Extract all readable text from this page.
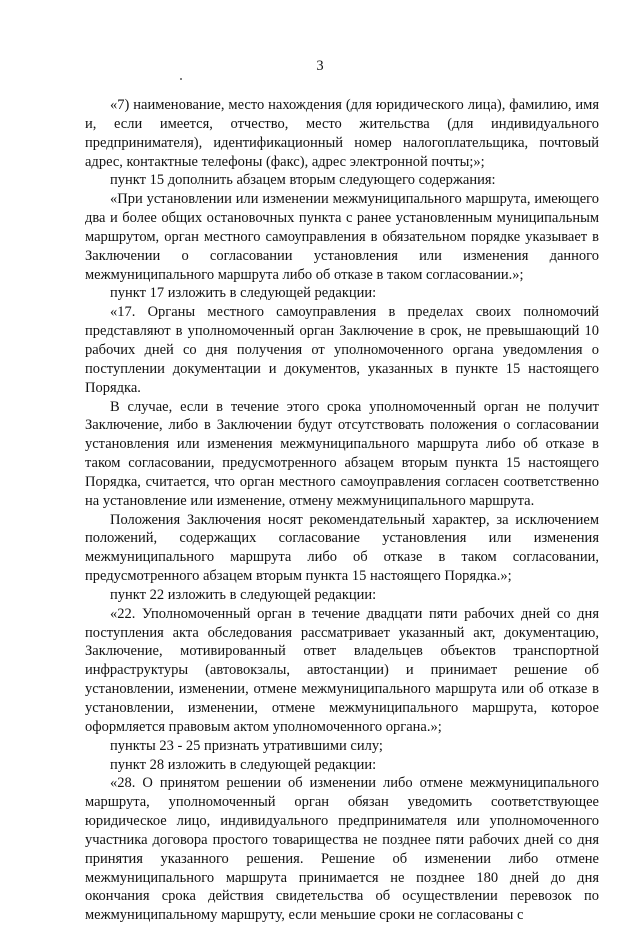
3

«7) наименование, место нахождения (для юридического лица), фамилию, имя и, если имеется, отчество, место жительства (для индивидуального предпринимателя), идентификационный номер налогоплательщика, почтовый адрес, контактные телефоны (факс), адрес электронной почты;»;

пункт 15 дополнить абзацем вторым следующего содержания:

«При установлении или изменении межмуниципального маршрута, имеющего два и более общих остановочных пункта с ранее установленным муниципальным маршрутом, орган местного самоуправления в обязательном порядке указывает в Заключении о согласовании установления или изменения данного межмуниципального маршрута либо об отказе в таком согласовании.»;

пункт 17 изложить в следующей редакции:

«17. Органы местного самоуправления в пределах своих полномочий представляют в уполномоченный орган Заключение в срок, не превышающий 10 рабочих дней со дня получения от уполномоченного органа уведомления о поступлении документации и документов, указанных в пункте 15 настоящего Порядка.

В случае, если в течение этого срока уполномоченный орган не получит Заключение, либо в Заключении будут отсутствовать положения о согласовании установления или изменения межмуниципального маршрута либо об отказе в таком согласовании, предусмотренного абзацем вторым пункта 15 настоящего Порядка, считается, что орган местного самоуправления согласен соответственно на установление или изменение, отмену межмуниципального маршрута.

Положения Заключения носят рекомендательный характер, за исключением положений, содержащих согласование установления или изменения межмуниципального маршрута либо об отказе в таком согласовании, предусмотренного абзацем вторым пункта 15 настоящего Порядка.»;

пункт 22 изложить в следующей редакции:

«22. Уполномоченный орган в течение двадцати пяти рабочих дней со дня поступления акта обследования рассматривает указанный акт, документацию, Заключение, мотивированный ответ владельцев объектов транспортной инфраструктуры (автовокзалы, автостанции) и принимает решение об установлении, изменении, отмене межмуниципального маршрута или об отказе в установлении, изменении, отмене межмуниципального маршрута, которое оформляется правовым актом уполномоченного органа.»;

пункты 23 - 25 признать утратившими силу;

пункт 28 изложить в следующей редакции:

«28. О принятом решении об изменении либо отмене межмуниципального маршрута, уполномоченный орган обязан уведомить соответствующее юридическое лицо, индивидуального предпринимателя или уполномоченного участника договора простого товарищества не позднее пяти рабочих дней со дня принятия указанного решения. Решение об изменении либо отмене межмуниципального маршрута принимается не позднее 180 дней до дня окончания срока действия свидетельства об осуществлении перевозок по межмуниципальному маршруту, если меньшие сроки не согласованы с
